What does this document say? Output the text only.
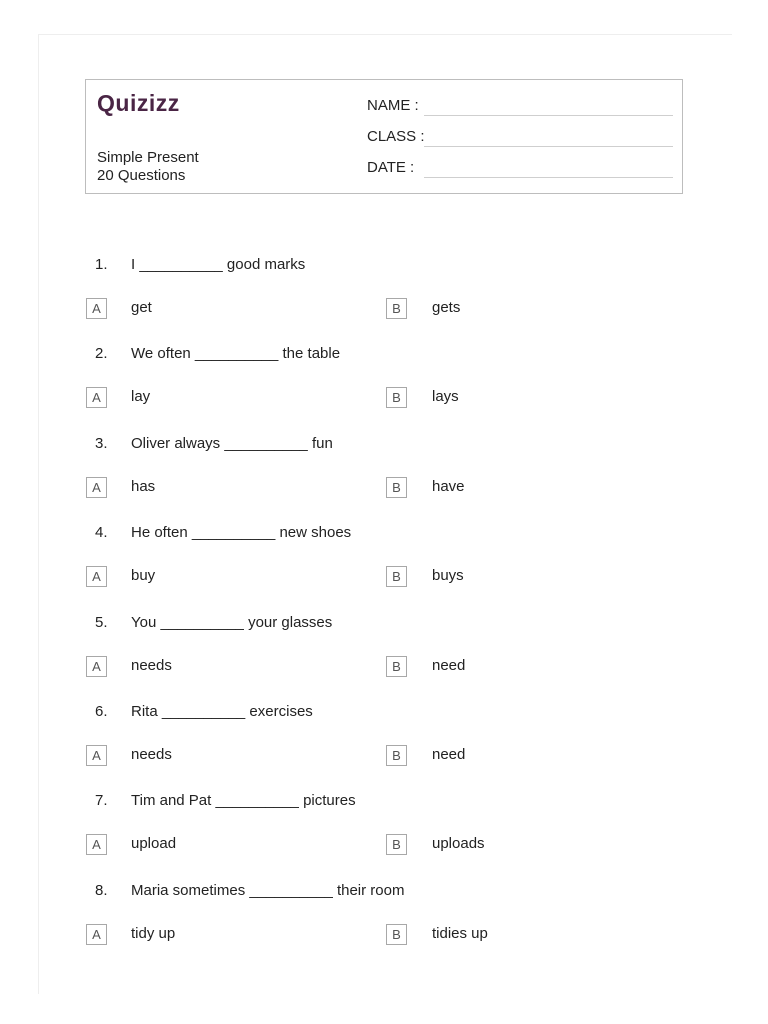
Quizizz
Simple Present
20 Questions
NAME :
CLASS :
DATE :
1. I __________ good marks
A	get	B	gets
2. We often __________ the table
A	lay	B	lays
3. Oliver always __________ fun
A	has	B	have
4. He often __________ new shoes
A	buy	B	buys
5. You __________ your glasses
A	needs	B	need
6. Rita __________ exercises
A	needs	B	need
7. Tim and Pat __________ pictures
A	upload	B	uploads
8. Maria sometimes __________ their room
A	tidy up	B	tidies up
